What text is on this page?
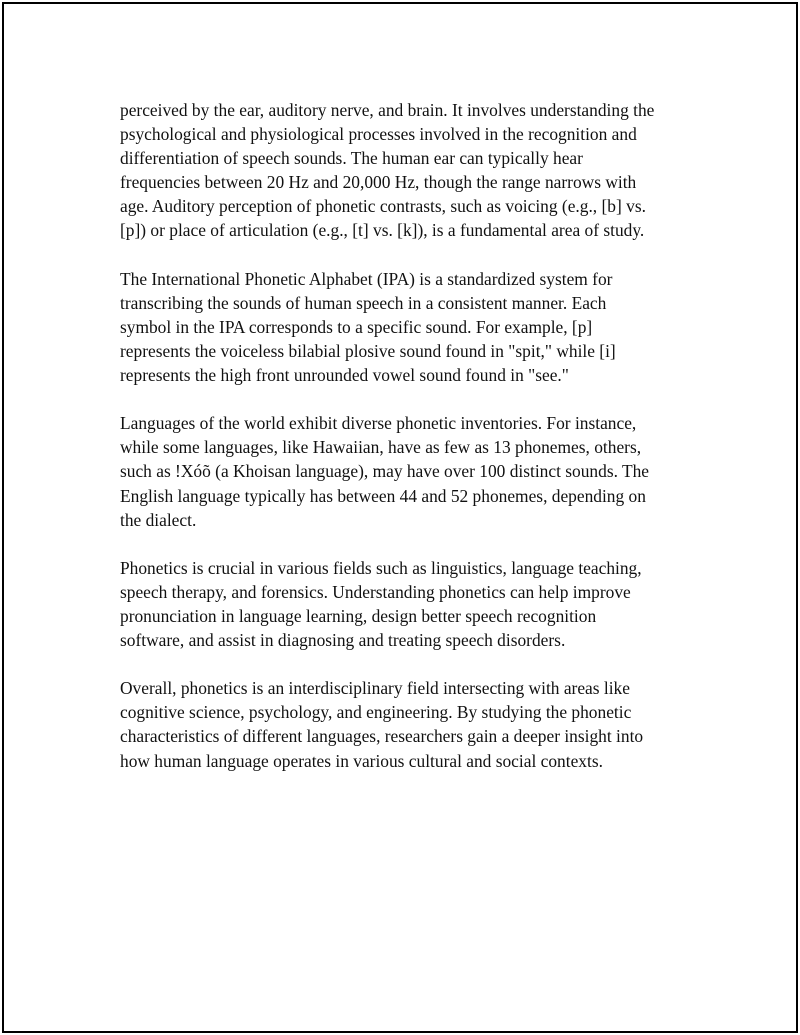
perceived by the ear, auditory nerve, and brain. It involves understanding the
psychological and physiological processes involved in the recognition and
differentiation of speech sounds. The human ear can typically hear
frequencies between 20 Hz and 20,000 Hz, though the range narrows with
age. Auditory perception of phonetic contrasts, such as voicing (e.g., [b] vs.
[p]) or place of articulation (e.g., [t] vs. [k]), is a fundamental area of study.

The International Phonetic Alphabet (IPA) is a standardized system for
transcribing the sounds of human speech in a consistent manner. Each
symbol in the IPA corresponds to a specific sound. For example, [p]
represents the voiceless bilabial plosive sound found in "spit," while [i]
represents the high front unrounded vowel sound found in "see."

Languages of the world exhibit diverse phonetic inventories. For instance,
while some languages, like Hawaiian, have as few as 13 phonemes, others,
such as !Xóõ (a Khoisan language), may have over 100 distinct sounds. The
English language typically has between 44 and 52 phonemes, depending on
the dialect.

Phonetics is crucial in various fields such as linguistics, language teaching,
speech therapy, and forensics. Understanding phonetics can help improve
pronunciation in language learning, design better speech recognition
software, and assist in diagnosing and treating speech disorders.

Overall, phonetics is an interdisciplinary field intersecting with areas like
cognitive science, psychology, and engineering. By studying the phonetic
characteristics of different languages, researchers gain a deeper insight into
how human language operates in various cultural and social contexts.
